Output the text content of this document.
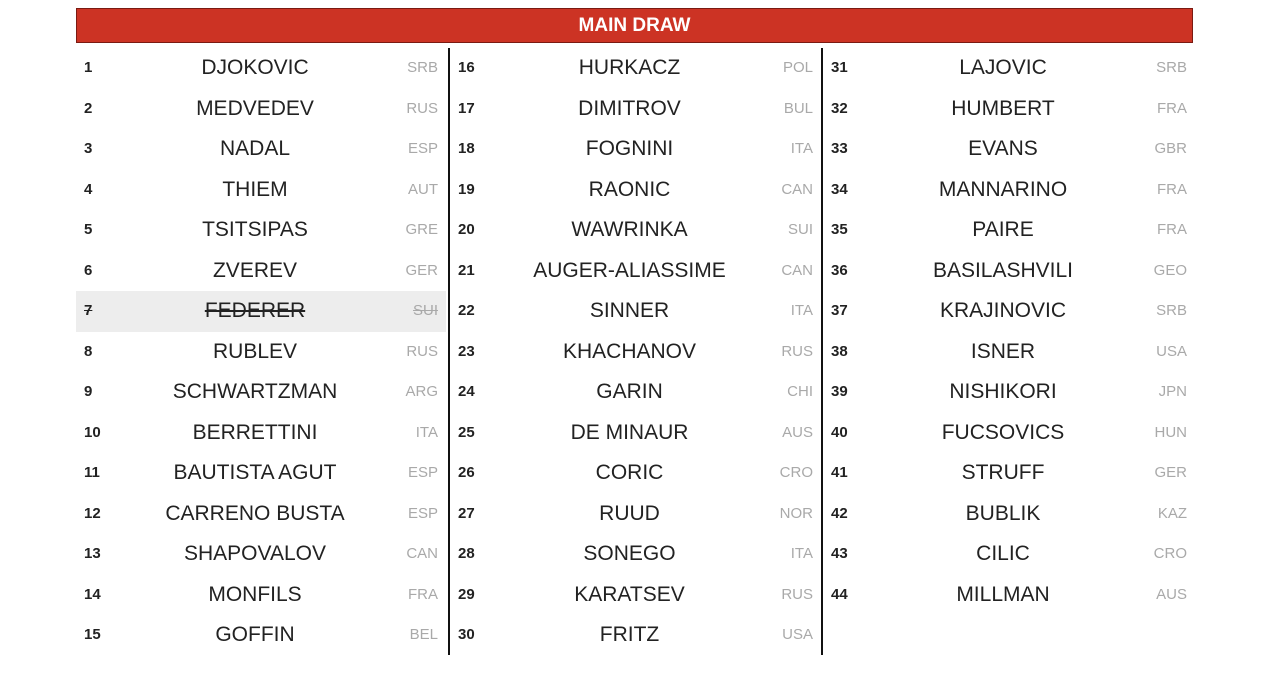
MAIN DRAW
1	DJOKOVIC	SRB
2	MEDVEDEV	RUS
3	NADAL	ESP
4	THIEM	AUT
5	TSITSIPAS	GRE
6	ZVEREV	GER
7	FEDERER	SUI
8	RUBLEV	RUS
9	SCHWARTZMAN	ARG
10	BERRETTINI	ITA
11	BAUTISTA AGUT	ESP
12	CARRENO BUSTA	ESP
13	SHAPOVALOV	CAN
14	MONFILS	FRA
15	GOFFIN	BEL
16	HURKACZ	POL
17	DIMITROV	BUL
18	FOGNINI	ITA
19	RAONIC	CAN
20	WAWRINKA	SUI
21	AUGER-ALIASSIME	CAN
22	SINNER	ITA
23	KHACHANOV	RUS
24	GARIN	CHI
25	DE MINAUR	AUS
26	CORIC	CRO
27	RUUD	NOR
28	SONEGO	ITA
29	KARATSEV	RUS
30	FRITZ	USA
31	LAJOVIC	SRB
32	HUMBERT	FRA
33	EVANS	GBR
34	MANNARINO	FRA
35	PAIRE	FRA
36	BASILASHVILI	GEO
37	KRAJINOVIC	SRB
38	ISNER	USA
39	NISHIKORI	JPN
40	FUCSOVICS	HUN
41	STRUFF	GER
42	BUBLIK	KAZ
43	CILIC	CRO
44	MILLMAN	AUS
